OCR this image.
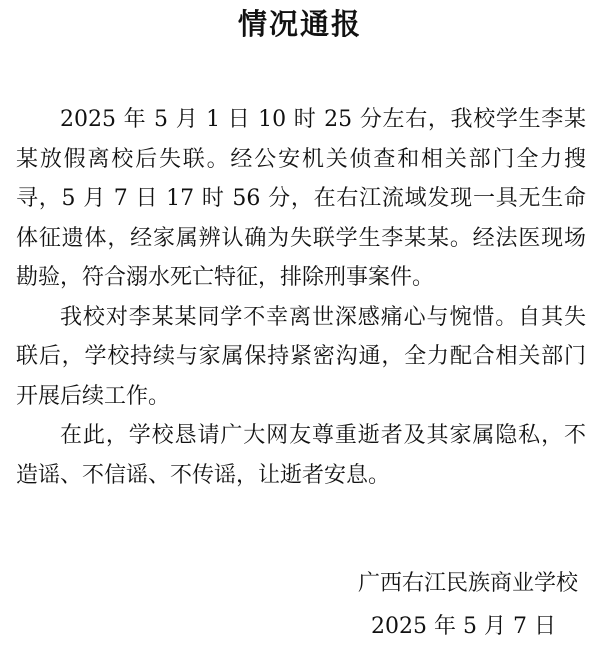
情况通报

2025 年 5 月 1 日 10 时 25 分左右，我校学生李某某放假离校后失联。经公安机关侦查和相关部门全力搜寻，5 月 7 日 17 时 56 分，在右江流域发现一具无生命体征遗体，经家属辨认确为失联学生李某某。经法医现场勘验，符合溺水死亡特征，排除刑事案件。

我校对李某某同学不幸离世深感痛心与惋惜。自其失联后，学校持续与家属保持紧密沟通，全力配合相关部门开展后续工作。

在此，学校恳请广大网友尊重逝者及其家属隐私，不造谣、不信谣、不传谣，让逝者安息。

广西右江民族商业学校
2025 年 5 月 7 日
